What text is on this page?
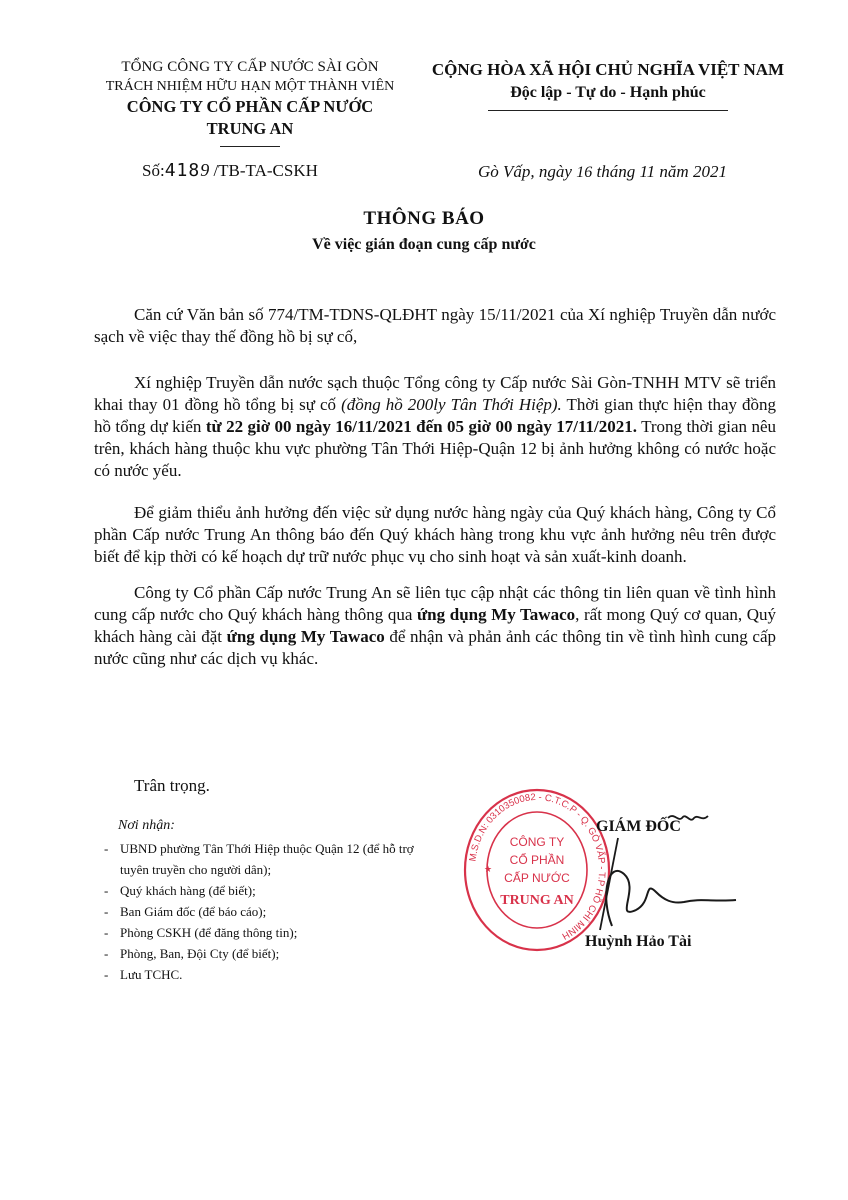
TỔNG CÔNG TY CẤP NƯỚC SÀI GÒN
TRÁCH NHIỆM HỮU HẠN MỘT THÀNH VIÊN
CÔNG TY CỔ PHẦN CẤP NƯỚC
TRUNG AN
CỘNG HÒA XÃ HỘI CHỦ NGHĨA VIỆT NAM
Độc lập - Tự do - Hạnh phúc
Số:4189 /TB-TA-CSKH	Gò Vấp, ngày 16 tháng 11 năm 2021
THÔNG BÁO
Về việc gián đoạn cung cấp nước

Căn cứ Văn bản số 774/TM-TDNS-QLĐHT ngày 15/11/2021 của Xí nghiệp Truyền dẫn nước sạch về việc thay thế đồng hồ bị sự cố,

Xí nghiệp Truyền dẫn nước sạch thuộc Tổng công ty Cấp nước Sài Gòn-TNHH MTV sẽ triển khai thay 01 đồng hồ tổng bị sự cố (đồng hồ 200ly Tân Thới Hiệp). Thời gian thực hiện thay đồng hồ tổng dự kiến từ 22 giờ 00 ngày 16/11/2021 đến 05 giờ 00 ngày 17/11/2021. Trong thời gian nêu trên, khách hàng thuộc khu vực phường Tân Thới Hiệp-Quận 12 bị ảnh hưởng không có nước hoặc có nước yếu.

Để giảm thiểu ảnh hưởng đến việc sử dụng nước hàng ngày của Quý khách hàng, Công ty Cổ phần Cấp nước Trung An thông báo đến Quý khách hàng trong khu vực ảnh hưởng nêu trên được biết để kịp thời có kế hoạch dự trữ nước phục vụ cho sinh hoạt và sản xuất-kinh doanh.

Công ty Cổ phần Cấp nước Trung An sẽ liên tục cập nhật các thông tin liên quan về tình hình cung cấp nước cho Quý khách hàng thông qua ứng dụng My Tawaco, rất mong Quý cơ quan, Quý khách hàng cài đặt ứng dụng My Tawaco để nhận và phản ảnh các thông tin về tình hình cung cấp nước cũng như các dịch vụ khác.

Trân trọng.
Nơi nhận:
- UBND phường Tân Thới Hiệp thuộc Quận 12 (để hỗ trợ tuyên truyền cho người dân);
- Quý khách hàng (để biết);
- Ban Giám đốc (để báo cáo);
- Phòng CSKH (để đăng thông tin);
- Phòng, Ban, Đội Cty (để biết);
- Lưu TCHC.
M.S.D.N: 0310350082 - C.T.C.P - Q. GÒ VẤP - T.P HỒ CHÍ MINH
CÔNG TY
CỔ PHẦN
CẤP NƯỚC
TRUNG AN
★
GIÁM ĐỐC
Huỳnh Hảo Tài
